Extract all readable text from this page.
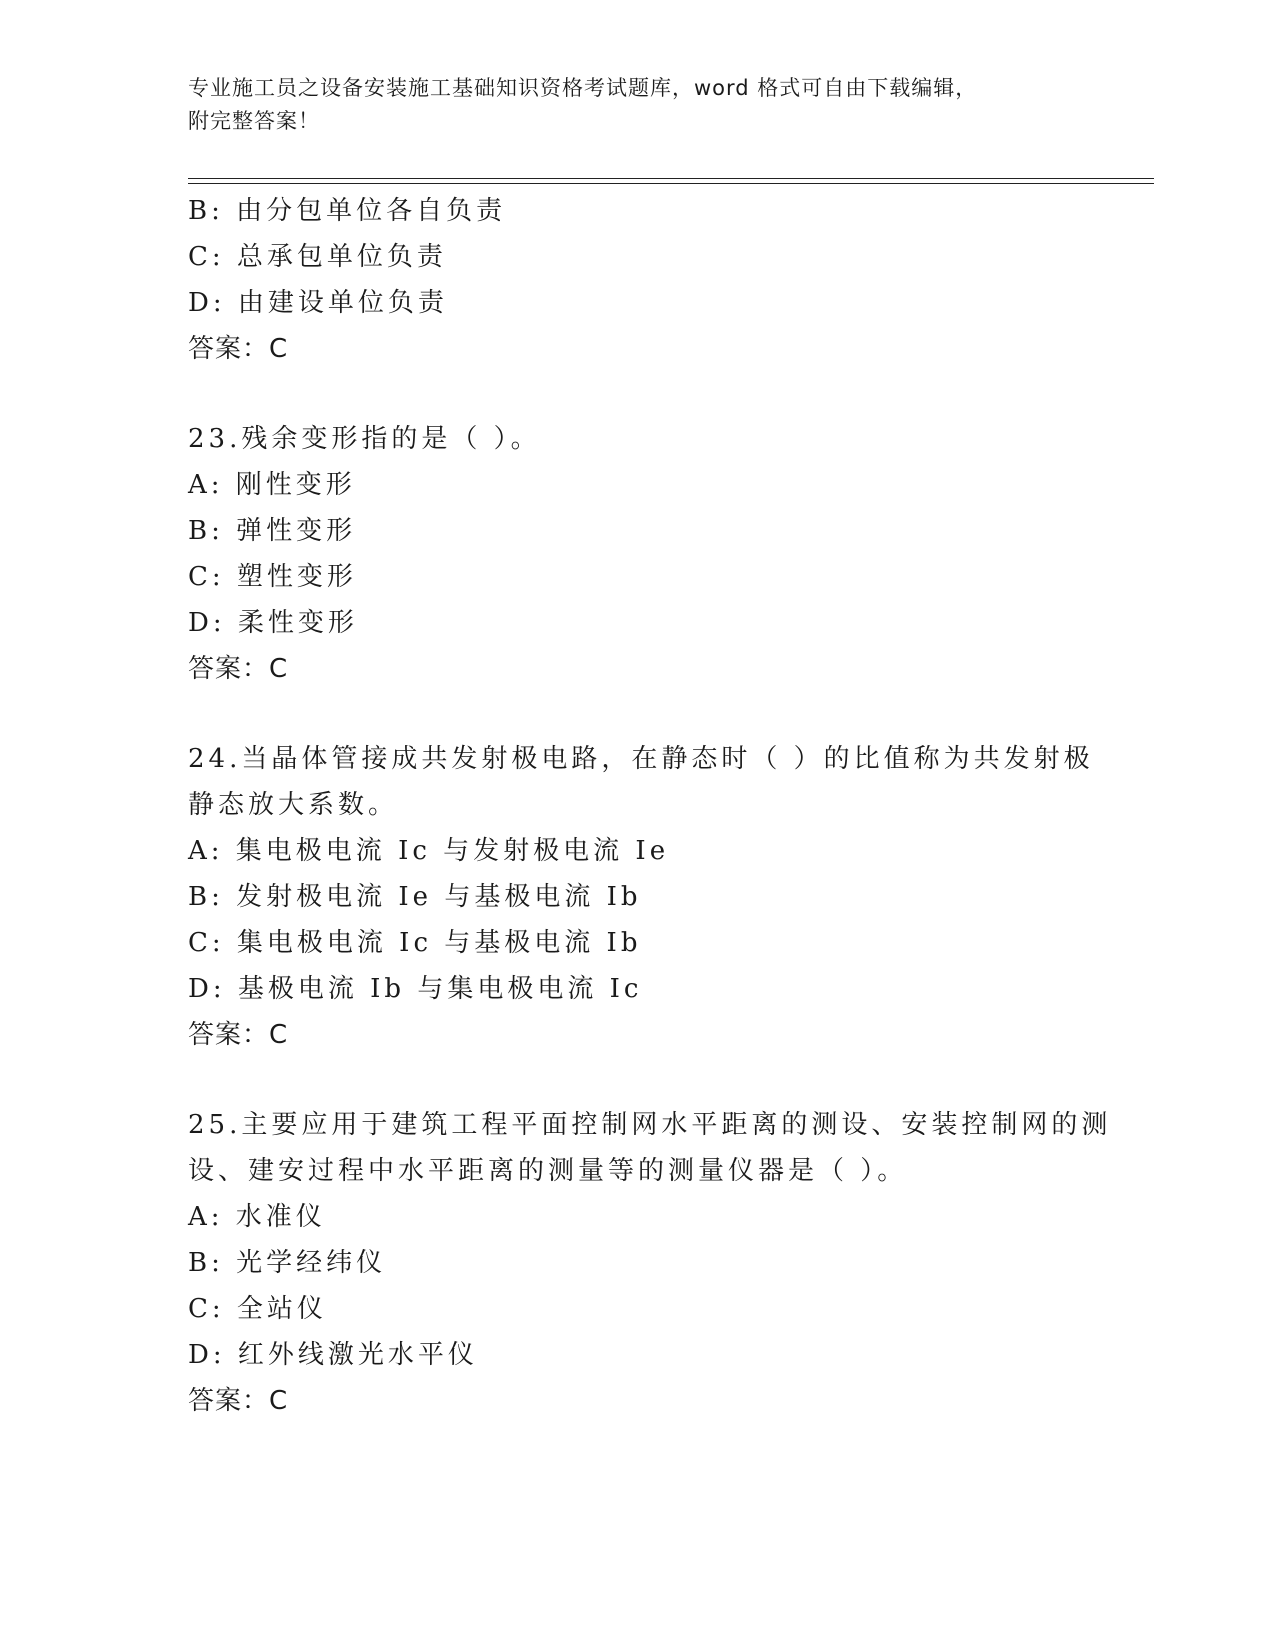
专业施工员之设备安装施工基础知识资格考试题库，word 格式可自由下载编辑，
附完整答案！
B: 由分包单位各自负责
C: 总承包单位负责
D: 由建设单位负责
答案：C
23.残余变形指的是（ ）。
A: 刚性变形
B: 弹性变形
C: 塑性变形
D: 柔性变形
答案：C
24.当晶体管接成共发射极电路，在静态时（ ）的比值称为共发射极
静态放大系数。
A: 集电极电流 Ic 与发射极电流 Ie
B: 发射极电流 Ie 与基极电流 Ib
C: 集电极电流 Ic 与基极电流 Ib
D: 基极电流 Ib 与集电极电流 Ic
答案：C
25.主要应用于建筑工程平面控制网水平距离的测设、安装控制网的测
设、建安过程中水平距离的测量等的测量仪器是（ ）。
A: 水准仪
B: 光学经纬仪
C: 全站仪
D: 红外线激光水平仪
答案：C
